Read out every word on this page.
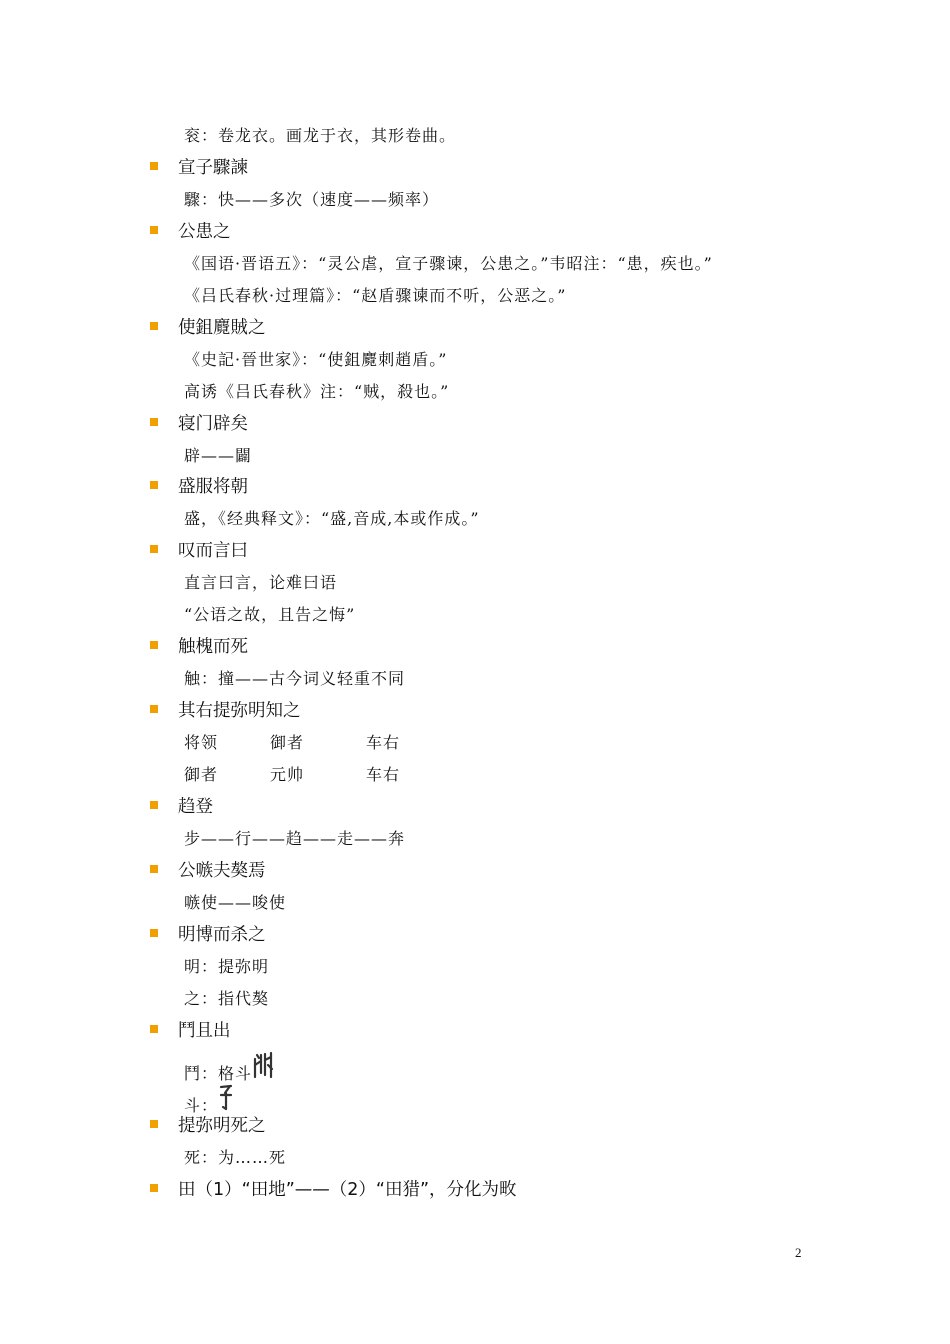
衮：卷龙衣。画龙于衣，其形卷曲。
宣子驟諫
驟：快——多次（速度——频率）
公患之
《国语·晋语五》：“灵公虐，宣子骤谏，公患之。”韦昭注：“患，疾也。”
《吕氏春秋·过理篇》：“赵盾骤谏而不听，公恶之。”
使鉏麑賊之
《史記·晉世家》：“使鉏麑刺趙盾。”
高诱《吕氏春秋》注：“贼，殺也。”
寝门辟矣
辟——闢
盛服将朝
盛，《经典释文》：“盛,音成,本或作成。”
叹而言曰
直言曰言，论难曰语
“公语之故，且告之悔”
触槐而死
触：撞——古今词义轻重不同
其右提弥明知之
将领	御者	车右
御者	元帅	车右
趋登
步——行——趋——走——奔
公嗾夫獒焉
嗾使——唆使
明博而杀之
明：提弥明
之：指代獒
鬥且出
鬥：格斗
斗：
提弥明死之
死：为……死
田（1）“田地”——（2）“田猎”，分化为畋
2
